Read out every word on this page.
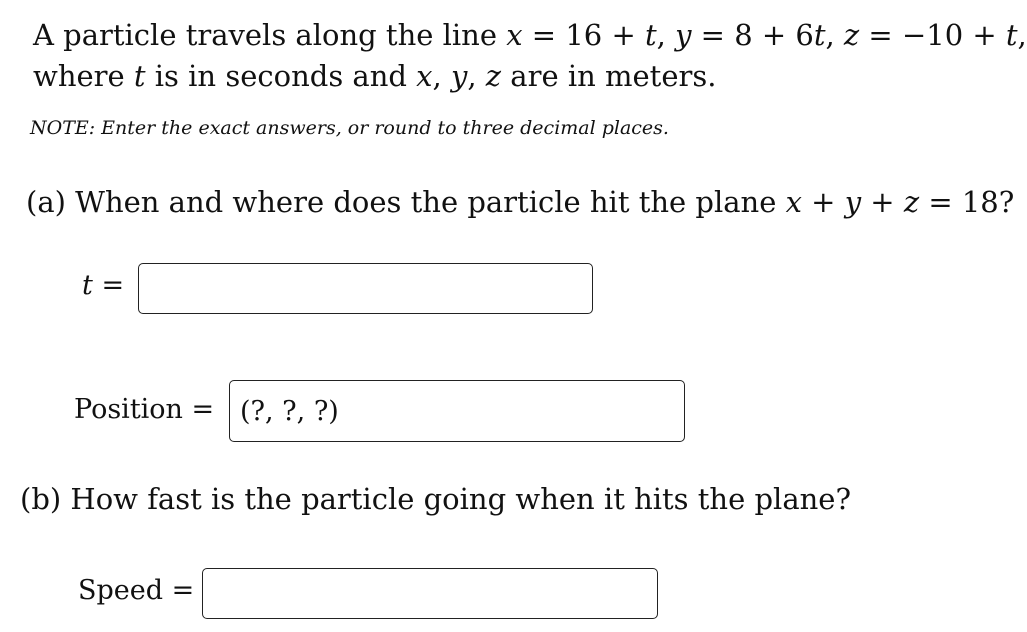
A particle travels along the line x = 16 + t, y = 8 + 6t, z = −10 + t,
where t is in seconds and x, y, z are in meters.
NOTE: Enter the exact answers, or round to three decimal places.
(a) When and where does the particle hit the plane x + y + z = 18?
t =
Position =
(?, ?, ?)
(b) How fast is the particle going when it hits the plane?
Speed =
